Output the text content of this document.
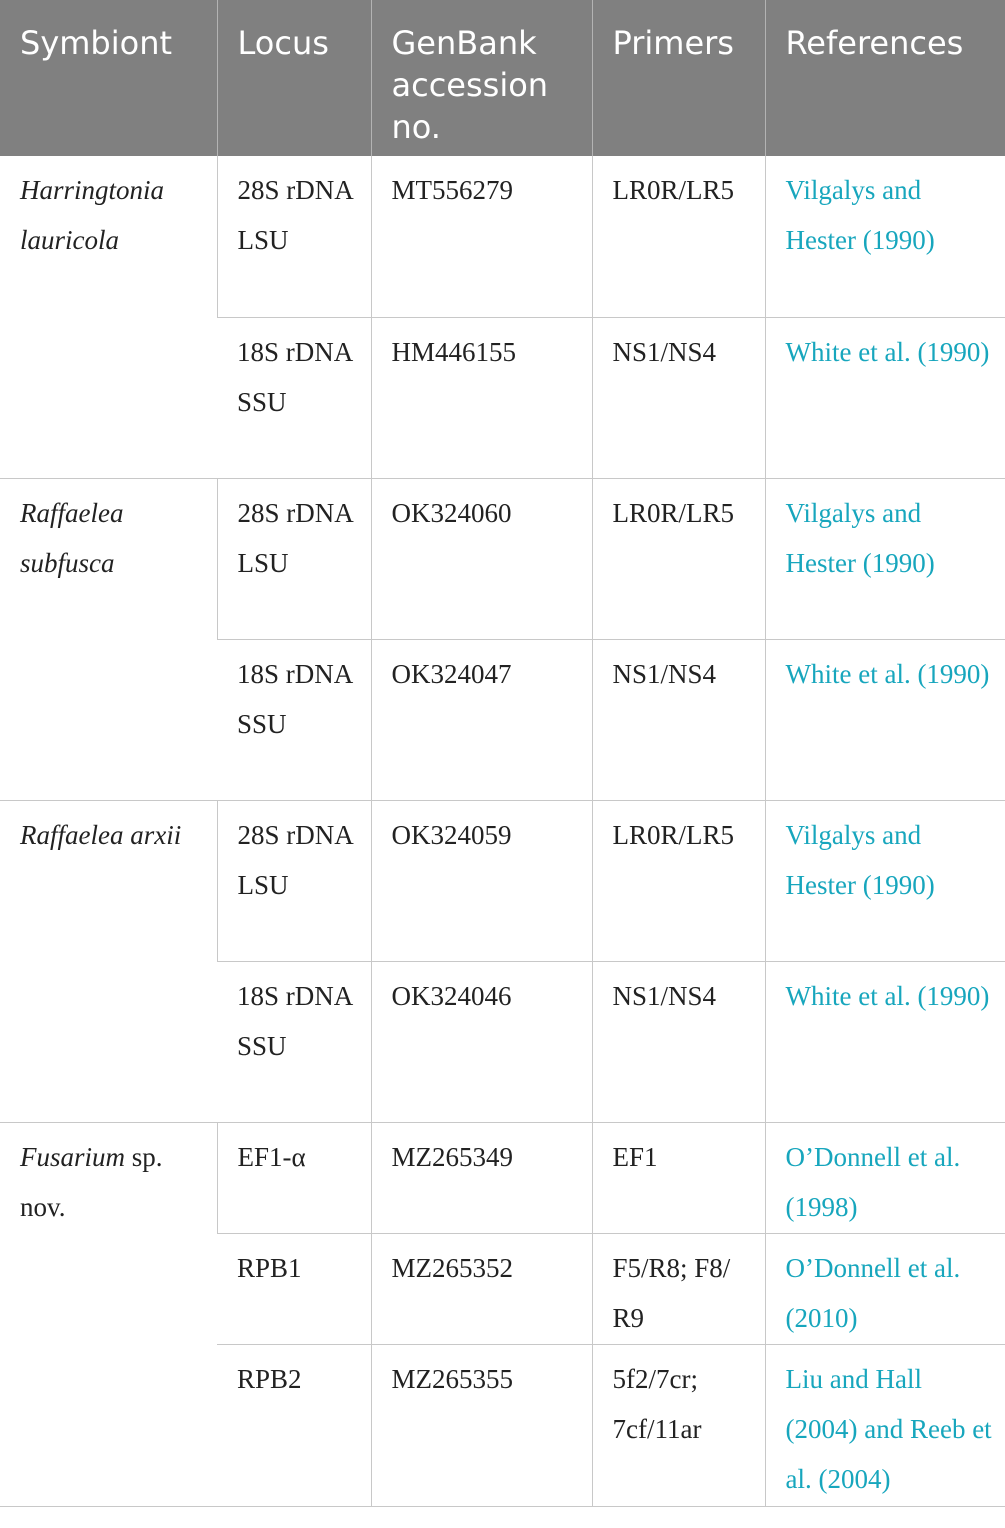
Symbiont	Locus	GenBank accession no.	Primers	References
Harringtonia lauricola	28S rDNA LSU	MT556279	LR0R/LR5	Vilgalys and Hester (1990)
	18S rDNA SSU	HM446155	NS1/NS4	White et al. (1990)
Raffaelea subfusca	28S rDNA LSU	OK324060	LR0R/LR5	Vilgalys and Hester (1990)
	18S rDNA SSU	OK324047	NS1/NS4	White et al. (1990)
Raffaelea arxii	28S rDNA LSU	OK324059	LR0R/LR5	Vilgalys and Hester (1990)
	18S rDNA SSU	OK324046	NS1/NS4	White et al. (1990)
Fusarium sp. nov.	EF1-α	MZ265349	EF1	O’Donnell et al. (1998)
	RPB1	MZ265352	F5/R8; F8/ R9	O’Donnell et al. (2010)
	RPB2	MZ265355	5f2/7cr; 7cf/11ar	Liu and Hall (2004) and Reeb et al. (2004)
